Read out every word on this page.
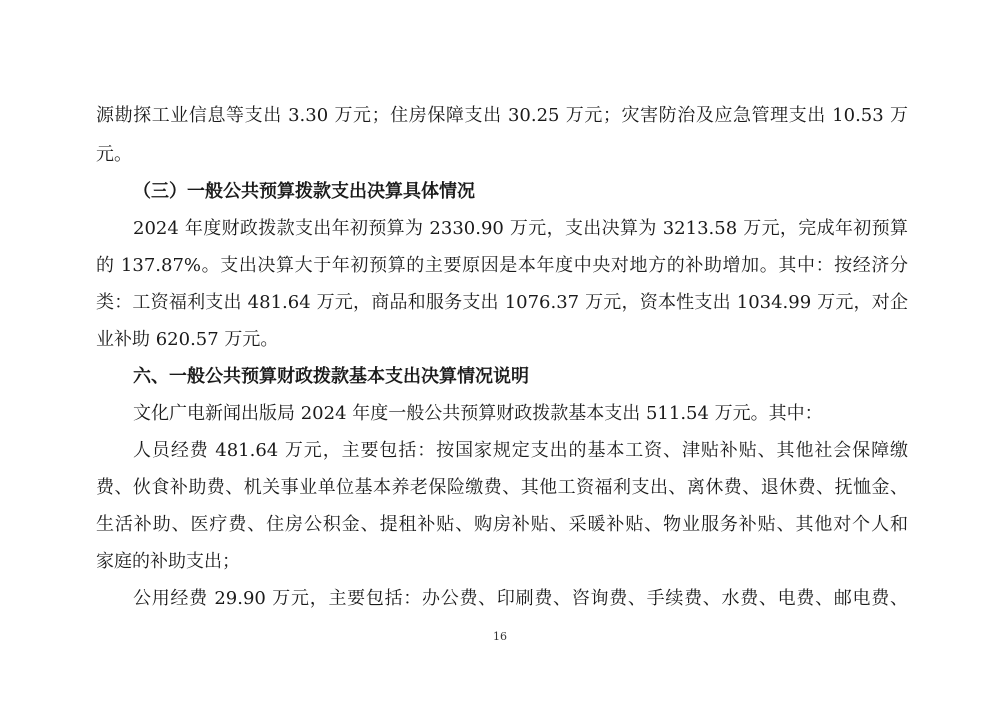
源勘探工业信息等支出 3.30 万元；住房保障支出 30.25 万元；灾害防治及应急管理支出 10.53 万
元。
（三）一般公共预算拨款支出决算具体情况
2024 年度财政拨款支出年初预算为 2330.90 万元，支出决算为 3213.58 万元，完成年初预算
的 137.87%。支出决算大于年初预算的主要原因是本年度中央对地方的补助增加。其中：按经济分
类：工资福利支出 481.64 万元，商品和服务支出 1076.37 万元，资本性支出 1034.99 万元，对企
业补助 620.57 万元。
六、一般公共预算财政拨款基本支出决算情况说明
文化广电新闻出版局 2024 年度一般公共预算财政拨款基本支出 511.54 万元。其中：
人员经费 481.64 万元，主要包括：按国家规定支出的基本工资、津贴补贴、其他社会保障缴
费、伙食补助费、机关事业单位基本养老保险缴费、其他工资福利支出、离休费、退休费、抚恤金、
生活补助、医疗费、住房公积金、提租补贴、购房补贴、采暖补贴、物业服务补贴、其他对个人和
家庭的补助支出；
公用经费 29.90 万元，主要包括：办公费、印刷费、咨询费、手续费、水费、电费、邮电费、
16
